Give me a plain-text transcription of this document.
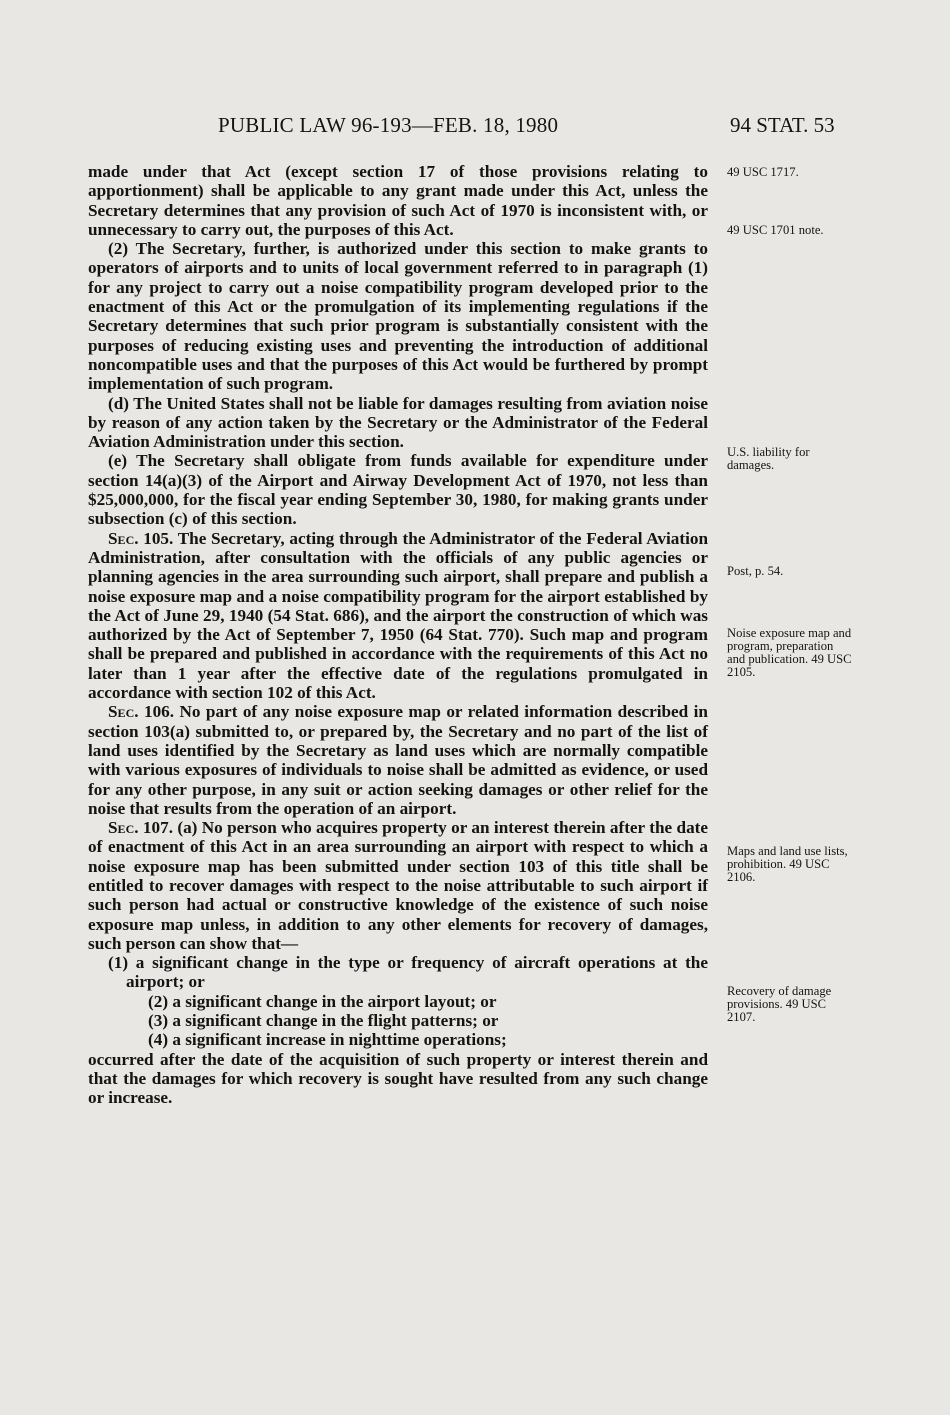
PUBLIC LAW 96-193—FEB. 18, 1980	94 STAT. 53

made under that Act (except section 17 of those provisions relating to apportionment) shall be applicable to any grant made under this Act, unless the Secretary determines that any provision of such Act of 1970 is inconsistent with, or unnecessary to carry out, the purposes of this Act.

(2) The Secretary, further, is authorized under this section to make grants to operators of airports and to units of local government referred to in paragraph (1) for any project to carry out a noise compatibility program developed prior to the enactment of this Act or the promulgation of its implementing regulations if the Secretary determines that such prior program is substantially consistent with the purposes of reducing existing uses and preventing the introduction of additional noncompatible uses and that the purposes of this Act would be furthered by prompt implementation of such program.

(d) The United States shall not be liable for damages resulting from aviation noise by reason of any action taken by the Secretary or the Administrator of the Federal Aviation Administration under this section.

(e) The Secretary shall obligate from funds available for expenditure under section 14(a)(3) of the Airport and Airway Development Act of 1970, not less than $25,000,000, for the fiscal year ending September 30, 1980, for making grants under subsection (c) of this section.

Sec. 105. The Secretary, acting through the Administrator of the Federal Aviation Administration, after consultation with the officials of any public agencies or planning agencies in the area surrounding such airport, shall prepare and publish a noise exposure map and a noise compatibility program for the airport established by the Act of June 29, 1940 (54 Stat. 686), and the airport the construction of which was authorized by the Act of September 7, 1950 (64 Stat. 770). Such map and program shall be prepared and published in accordance with the requirements of this Act no later than 1 year after the effective date of the regulations promulgated in accordance with section 102 of this Act.

Sec. 106. No part of any noise exposure map or related information described in section 103(a) submitted to, or prepared by, the Secretary and no part of the list of land uses identified by the Secretary as land uses which are normally compatible with various exposures of individuals to noise shall be admitted as evidence, or used for any other purpose, in any suit or action seeking damages or other relief for the noise that results from the operation of an airport.

Sec. 107. (a) No person who acquires property or an interest therein after the date of enactment of this Act in an area surrounding an airport with respect to which a noise exposure map has been submitted under section 103 of this title shall be entitled to recover damages with respect to the noise attributable to such airport if such person had actual or constructive knowledge of the existence of such noise exposure map unless, in addition to any other elements for recovery of damages, such person can show that—

(1) a significant change in the type or frequency of aircraft operations at the airport; or

(2) a significant change in the airport layout; or

(3) a significant change in the flight patterns; or

(4) a significant increase in nighttime operations;

occurred after the date of the acquisition of such property or interest therein and that the damages for which recovery is sought have resulted from any such change or increase.

49 USC 1717.
49 USC 1701 note.
U.S. liability for damages.
Post, p. 54.
Noise exposure map and program, preparation and publication. 49 USC 2105.
Maps and land use lists, prohibition. 49 USC 2106.
Recovery of damage provisions. 49 USC 2107.
